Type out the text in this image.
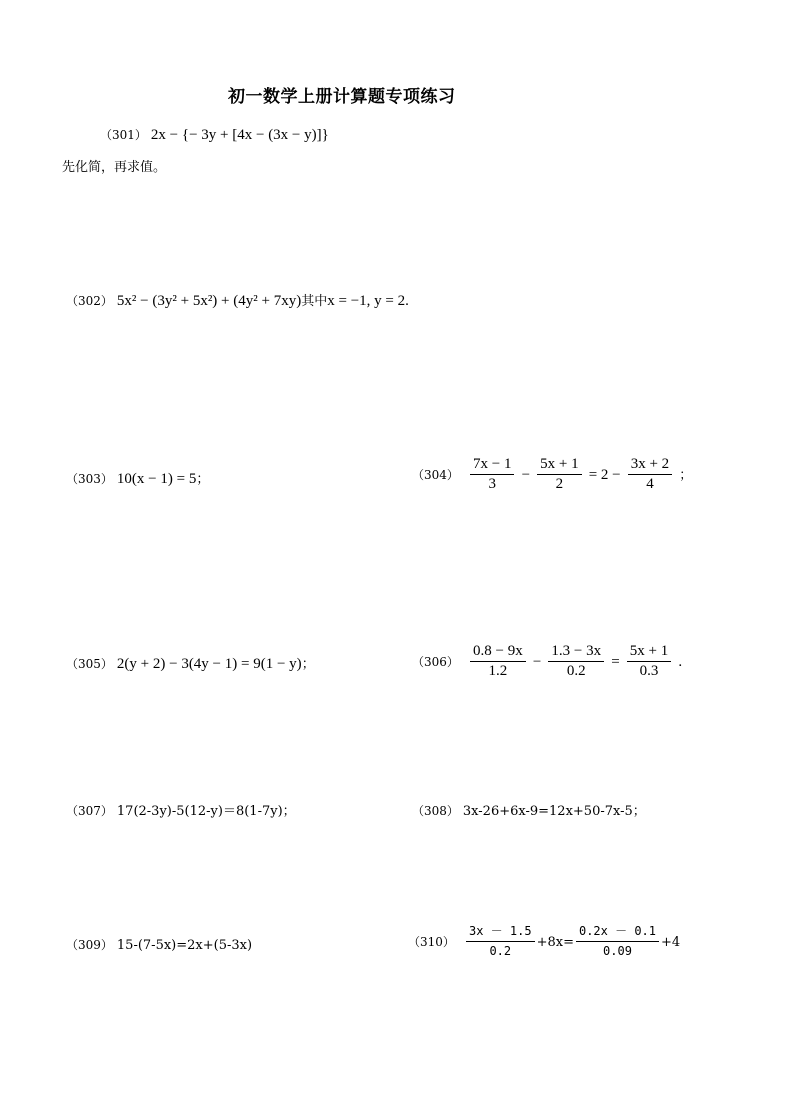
初一数学上册计算题专项练习
（301） 2x − {− 3y + [4x − (3x − y)]}
先化简，再求值。
（302） 5x² − (3y² + 5x²) + (4y² + 7xy)其中x = −1, y = 2.
（303） 10(x − 1) = 5；	$(304) \frac{7x - 1}{3} - \frac{5x + 1}{2} = 2 - \frac{3x + 2}{4}$ ；
（305） 2(y + 2) − 3(4y − 1) = 9(1 − y)；	$(306) \frac{0.8 - 9x}{1.2} - \frac{1.3 - 3x}{0.2} = \frac{5x + 1}{0.3}$ .
（307） 17(2-3y)-5(12-y)＝8(1-7y)；	（308） 3x-26+6x-9=12x+50-7x-5；
（309） 15-(7-5x)=2x+(5-3x)	$(310) \frac{3x - 1.5}{0.2} +8x= \frac{0.2x - 0.1}{0.09} +4$
